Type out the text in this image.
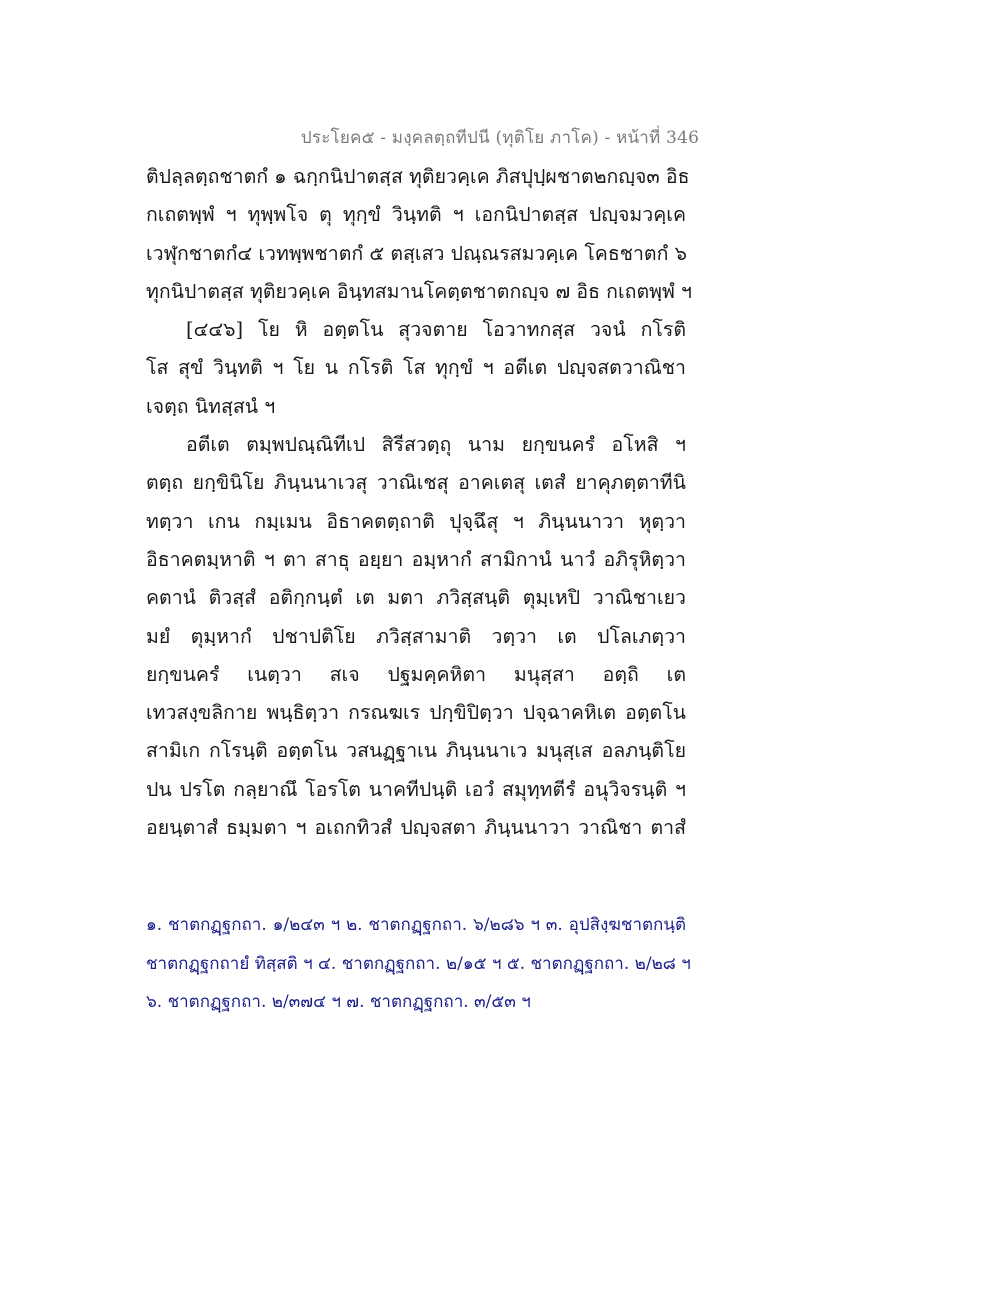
ประโยค๕ - มงฺคลตฺถทีปนี (ทุติโย ภาโค) - หน้าที่ 346
ติปลฺลตฺถชาตกํ ๑ ฉกฺกนิปาตสฺส ทุติยวคฺเค ภิสปุปฺผชาต๒กญฺจ๓ อิธ
กเถตพฺพํ ฯ ทุพฺพโจ ตุ ทุกฺขํ วินฺทติ ฯ เอกนิปาตสฺส ปญฺจมวคฺเค
เวฬุกชาตกํ๔ เวทพฺพชาตกํ ๕ ตสฺเสว ปณฺณรสมวคฺเค โคธชาตกํ ๖
ทุกนิปาตสฺส ทุติยวคฺเค อินฺทสมานโคตฺตชาตกญฺจ ๗ อิธ กเถตพฺพํ ฯ
[๔๔๖] โย หิ อตฺตโน สุวจตาย โอวาทกสฺส วจนํ กโรติ
โส สุขํ วินฺทติ ฯ โย น กโรติ โส ทุกฺขํ ฯ อตีเต ปญฺจสตวาณิชา
เจตฺถ นิทสฺสนํ ฯ
อตีเต ตมฺพปณฺณิทีเป สิรีสวตฺถุ นาม ยกฺขนครํ อโหสิ ฯ
ตตฺถ ยกฺขินิโย ภินฺนนาเวสุ วาณิเชสุ อาคเตสุ เตสํ ยาคุภตฺตาทีนิ
ทตฺวา เกน กมฺเมน อิธาคตตฺถาติ ปุจฺฉึสุ ฯ ภินฺนนาวา หุตฺวา
อิธาคตมฺหาติ ฯ ตา สาธุ อยฺยา อมฺหากํ สามิกานํ นาวํ อภิรุหิตฺวา
คตานํ ติวสฺสํ อติกฺกนฺตํ เต มตา ภวิสฺสนฺติ ตุมฺเหปิ วาณิชาเยว
มยํ ตุมฺหากํ ปชาปติโย ภวิสฺสามาติ วตฺวา เต ปโลเภตฺวา
ยกฺขนครํ เนตฺวา สเจ ปฐมคฺคหิตา มนุสฺสา อตฺถิ เต
เทวสงฺขลิกาย พนฺธิตฺวา กรณฆเร ปกฺขิปิตฺวา ปจฺฉาคหิเต อตฺตโน
สามิเก กโรนฺติ อตฺตโน วสนฏฺฐาเน ภินฺนนาเว มนุสฺเส อลภนฺติโย
ปน ปรโต กลฺยาณึ โอรโต นาคทีปนฺติ เอวํ สมุทฺทตีรํ อนุวิจรนฺติ ฯ
อยนฺตาสํ ธมฺมตา ฯ อเถกทิวสํ ปญฺจสตา ภินฺนนาวา วาณิชา ตาสํ
๑. ชาตกฏฺฐกถา. ๑/๒๔๓ ฯ ๒. ชาตกฏฺฐกถา. ๖/๒๘๖ ฯ ๓. อุปสิงฺฆชาตกนฺติ
ชาตกฏฺฐกถายํ ทิสฺสติ ฯ ๔. ชาตกฏฺฐกถา. ๒/๑๕ ฯ ๕. ชาตกฏฺฐกถา. ๒/๒๘ ฯ
๖. ชาตกฏฺฐกถา. ๒/๓๗๔ ฯ ๗. ชาตกฏฺฐกถา. ๓/๕๓ ฯ
